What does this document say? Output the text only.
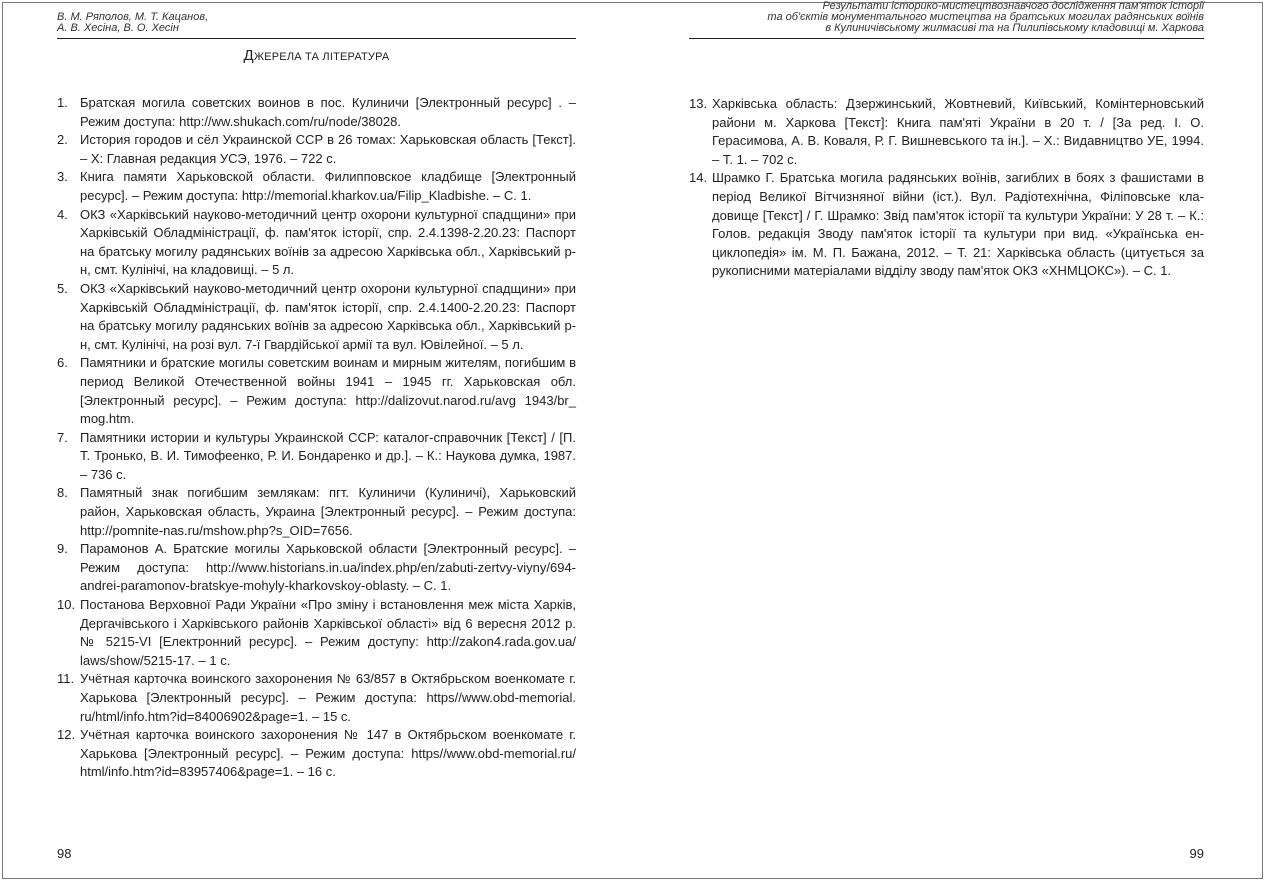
В. М. Ряполов, М. Т. Кацанов,
А. В. Хесіна, В. О. Хесін
ДЖЕРЕЛА ТА ЛІТЕРАТУРА
1. Братская могила советских воинов в пос. Кулиничи [Электронный ресурс] . – Режим доступа: http://ww.shukach.com/ru/node/38028.
2. История городов и сёл Украинской ССР в 26 томах: Харьковская область [Текст]. – Х: Главная редакция УСЭ, 1976. – 722 с.
3. Книга памяти Харьковской области. Филипповское кладбище [Электронный ресурс]. – Режим доступа: http://memorial.kharkov.ua/Filip_Kladbishe. – С. 1.
4. ОКЗ «Харківський науково-методичний центр охорони культурної спадщини» при Харківській Обладміністрації, ф. пам'яток історії, спр. 2.4.1398-2.20.23: Паспорт на братську могилу радянських воїнів за адресою Харківська обл., Харківський р-н, смт. Кулінічі, на кладовищі. – 5 л.
5. ОКЗ «Харківський науково-методичний центр охорони культурної спадщини» при Харківській Обладміністрації, ф. пам'яток історії, спр. 2.4.1400-2.20.23: Паспорт на братську могилу радянських воїнів за адресою Харківська обл., Харківський р-н, смт. Кулінічі, на розі вул. 7-ї Гвардійської армії та вул. Ювілейної. – 5 л.
6. Памятники и братские могилы советским воинам и мирным жителям, погибшим в период Великой Отечественной войны 1941 – 1945 гг. Харьковская обл. [Электронный ресурс]. – Режим доступа: http://dalizovut.narod.ru/avg 1943/br_ mog.htm.
7. Памятники истории и культуры Украинской ССР: каталог-справочник [Текст] / [П. Т. Тронько, В. И. Тимофеенко, Р. И. Бондаренко и др.]. – К.: Наукова думка, 1987. – 736 с.
8. Памятный знак погибшим землякам: пгт. Кулиничи (Кулиничі), Харьковский район, Харьковская область, Украина [Электронный ресурс]. – Режим доступа: http://pomnite-nas.ru/mshow.php?s_OID=7656.
9. Парамонов А. Братские могилы Харьковской области [Электронный ресурс]. – Режим доступа: http://www.historians.in.ua/index.php/en/zabuti-zertvy-viyny/694-andrei-paramonov-bratskye-mohyly-kharkovskoy-oblasty. – С. 1.
10. Постанова Верховної Ради України «Про зміну і встановлення меж міста Харків, Дергачівського і Харківського районів Харківської області» від 6 вересня 2012 р. № 5215-VI [Електронний ресурс]. – Режим доступу: http://zakon4.rada.gov.ua/ laws/show/5215-17. – 1 с.
11. Учётная карточка воинского захоронения № 63/857 в Октябрьском военкомате г. Харькова [Электронный ресурс]. – Режим доступа: https//www.obd-memorial. ru/html/info.htm?id=84006902&page=1. – 15 с.
12. Учётная карточка воинского захоронения № 147 в Октябрьском военкомате г. Харькова [Электронный ресурс]. – Режим доступа: https//www.obd-memorial.ru/ html/info.htm?id=83957406&page=1. – 16 с.
98
Результати історико-мистецтвознавчого дослідження пам'яток історії
та об'єктів монументального мистецтва на братських могилах радянських воїнів
в Кулиничівському жилмасиві та на Пилипівському кладовищі м. Харкова
13. Харківська область: Дзержинський, Жовтневий, Київський, Комінтерновський райони м. Харкова [Текст]: Книга пам'яті України в 20 т. / [За ред. І. О. Герасимова, А. В. Коваля, Р. Г. Вишневського та ін.]. – Х.: Видавництво УЕ, 1994. – Т. 1. – 702 с.
14. Шрамко Г. Братська могила радянських воїнів, загиблих в боях з фашистами в період Великої Вітчизняної війни (іст.). Вул. Радіотехнічна, Філіповське кладовище [Текст] / Г. Шрамко: Звід пам'яток історії та культури України: У 28 т. – К.: Голов. редакція Зводу пам'яток історії та культури при вид. «Українська енциклопедія» ім. М. П. Бажана, 2012. – Т. 21: Харківська область (цитується за рукописними матеріалами відділу зводу пам'яток ОКЗ «ХНМЦОКС»). – С. 1.
99
